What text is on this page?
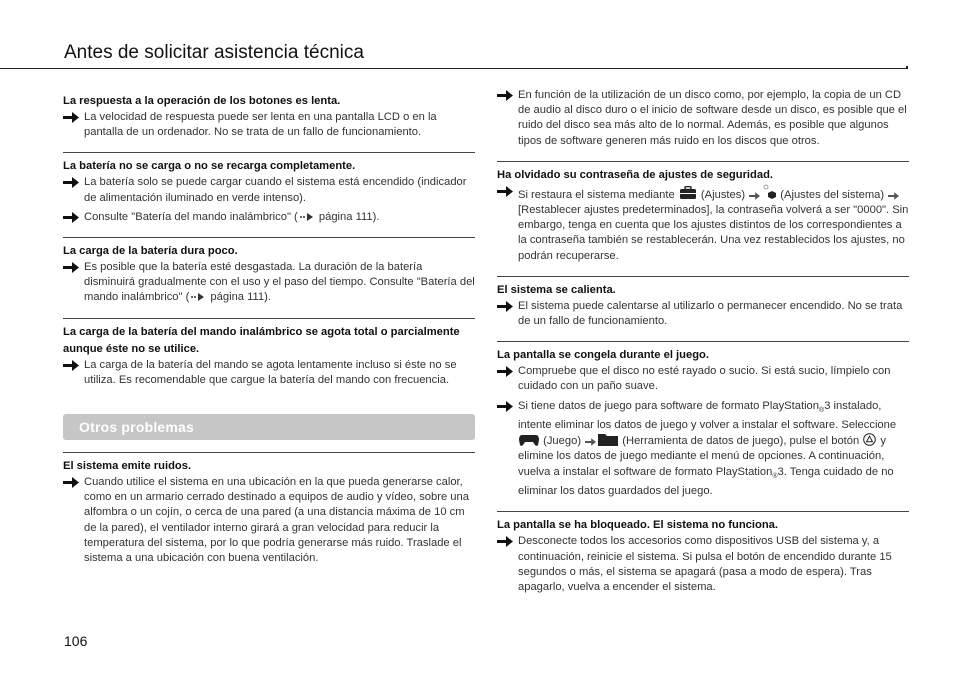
Antes de solicitar asistencia técnica
La respuesta a la operación de los botones es lenta.
La velocidad de respuesta puede ser lenta en una pantalla LCD o en la pantalla de un ordenador. No se trata de un fallo de funcionamiento.
La batería no se carga o no se recarga completamente.
La batería solo se puede cargar cuando el sistema está encendido (indicador de alimentación iluminado en verde intenso).
Consulte "Batería del mando inalámbrico" ( página 111).
La carga de la batería dura poco.
Es posible que la batería esté desgastada. La duración de la batería disminuirá gradualmente con el uso y el paso del tiempo. Consulte "Batería del mando inalámbrico" ( página 111).
La carga de la batería del mando inalámbrico se agota total o parcialmente aunque éste no se utilice.
La carga de la batería del mando se agota lentamente incluso si éste no se utiliza. Es recomendable que cargue la batería del mando con frecuencia.
Otros problemas
El sistema emite ruidos.
Cuando utilice el sistema en una ubicación en la que pueda generarse calor, como en un armario cerrado destinado a equipos de audio y vídeo, sobre una alfombra o un cojín, o cerca de una pared (a una distancia máxima de 10 cm de la pared), el ventilador interno girará a gran velocidad para reducir la temperatura del sistema, por lo que podría generarse más ruido. Traslade el sistema a una ubicación con buena ventilación.
En función de la utilización de un disco como, por ejemplo, la copia de un CD de audio al disco duro o el inicio de software desde un disco, es posible que el ruido del disco sea más alto de lo normal. Además, es posible que algunos tipos de software generen más ruido en los discos que otros.
Ha olvidado su contraseña de ajustes de seguridad.
Si restaura el sistema mediante  (Ajustes)	(Ajustes del sistema)  [Restablecer ajustes predeterminados], la contraseña volverá a ser "0000". Sin embargo, tenga en cuenta que los ajustes distintos de los correspondientes a la contraseña también se restablecerán. Una vez restablecidos los ajustes, no podrán recuperarse.
El sistema se calienta.
El sistema puede calentarse al utilizarlo o permanecer encendido. No se trata de un fallo de funcionamiento.
La pantalla se congela durante el juego.
Compruebe que el disco no esté rayado o sucio. Si está sucio, límpielo con cuidado con un paño suave.
Si tiene datos de juego para software de formato PlayStation$_®$3 instalado, intente eliminar los datos de juego y volver a instalar el software. Seleccione  (Juego)	(Herramienta de datos de juego), pulse el botón  y elimine los datos de juego mediante el menú de opciones. A continuación, vuelva a instalar el software de formato PlayStation$_®$3. Tenga cuidado de no eliminar los datos guardados del juego.
La pantalla se ha bloqueado. El sistema no funciona.
Desconecte todos los accesorios como dispositivos USB del sistema y, a continuación, reinicie el sistema. Si pulsa el botón de encendido durante 15 segundos o más, el sistema se apagará (pasa a modo de espera). Tras apagarlo, vuelva a encender el sistema.
106
